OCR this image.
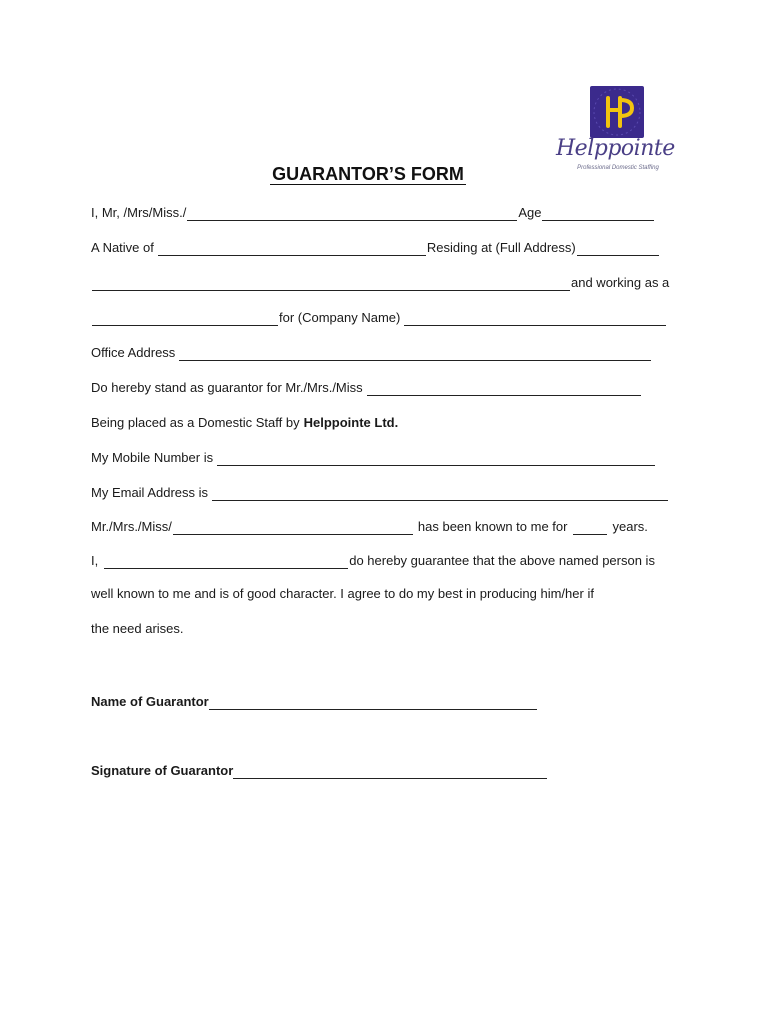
Helppointe
Professional Domestic Staffing
GUARANTOR’S FORM
I, Mr, /Mrs/Miss./	Age
A Native of	Residing at (Full Address)
and working as a
for (Company Name)
Office Address
Do hereby stand as guarantor for Mr./Mrs./Miss
Being placed as a Domestic Staff by Helppointe Ltd.
My Mobile Number is
My Email Address is
Mr./Mrs./Miss/	has been known to me for	years.
I,	do hereby guarantee that the above named person is
well known to me and is of good character. I agree to do my best in producing him/her if
the need arises.
Name of Guarantor
Signature of Guarantor
